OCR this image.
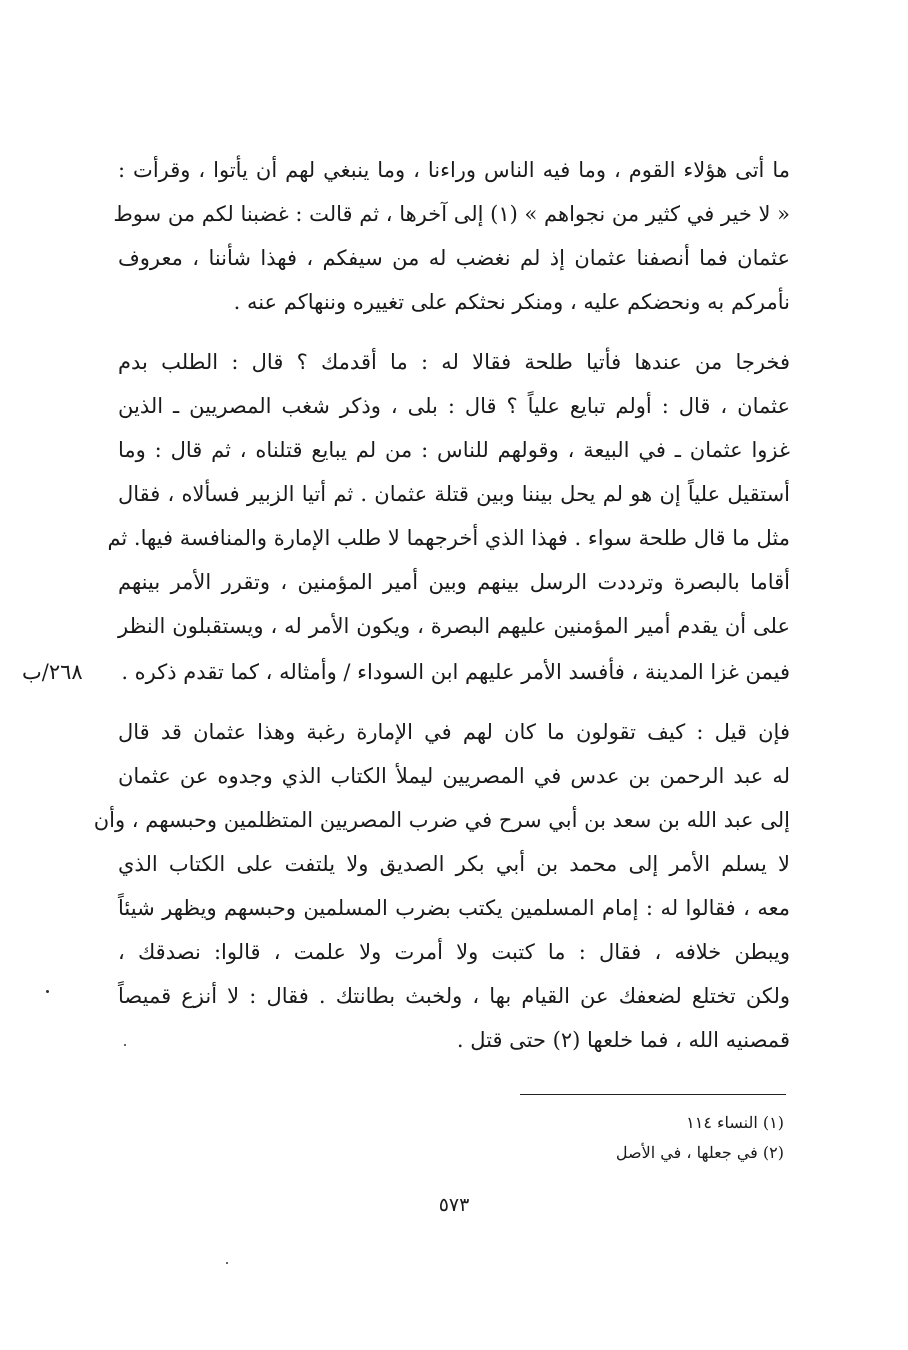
ما أتى هؤلاء القوم ، وما فيه الناس وراءنا ، وما ينبغي لهم أن يأتوا ، وقرأت :
« لا خير في كثير من نجواهم » (١) إلى آخرها ، ثم قالت : غضبنا لكم من سوط
عثمان فما أنصفنا عثمان إذ لم نغضب له من سيفكم ، فهذا شأننا ، معروف
نأمركم به ونحضكم عليه ، ومنكر نحثكم على تغييره وننهاكم عنه .
فخرجا من عندها فأتيا طلحة فقالا له : ما أقدمك ؟ قال : الطلب بدم
عثمان ، قال : أولم تبايع علياً ؟ قال : بلى ، وذكر شغب المصريين ـ الذين
غزوا عثمان ـ في البيعة ، وقولهم للناس : من لم يبايع قتلناه ، ثم قال : وما
أستقيل علياً إن هو لم يحل بيننا وبين قتلة عثمان . ثم أتيا الزبير فسألاه ، فقال
مثل ما قال طلحة سواء . فهذا الذي أخرجهما لا طلب الإمارة والمنافسة فيها. ثم
أقاما بالبصرة وترددت الرسل بينهم وبين أمير المؤمنين ، وتقرر الأمر بينهم
على أن يقدم أمير المؤمنين عليهم البصرة ، ويكون الأمر له ، ويستقبلون النظر
فيمن غزا المدينة ، فأفسد الأمر عليهم ابن السوداء / وأمثاله ، كما تقدم ذكره .
٢٦٨/ب
فإن قيل : كيف تقولون ما كان لهم في الإمارة رغبة وهذا عثمان قد قال
له عبد الرحمن بن عدس في المصريين ليملأ الكتاب الذي وجدوه عن عثمان
إلى عبد الله بن سعد بن أبي سرح في ضرب المصريين المتظلمين وحبسهم ، وأن
لا يسلم الأمر إلى محمد بن أبي بكر الصديق ولا يلتفت على الكتاب الذي
معه ، فقالوا له : إمام المسلمين يكتب بضرب المسلمين وحبسهم ويظهر شيئاً
ويبطن خلافه ، فقال : ما كتبت ولا أمرت ولا علمت ، قالوا: نصدقك ،
ولكن تختلع لضعفك عن القيام بها ، ولخبث بطانتك . فقال : لا أنزع قميصاً
قمصنيه الله ، فما خلعها (٢) حتى قتل .
(١) النساء ١١٤
(٢) في جعلها ، في الأصل
٥٧٣
